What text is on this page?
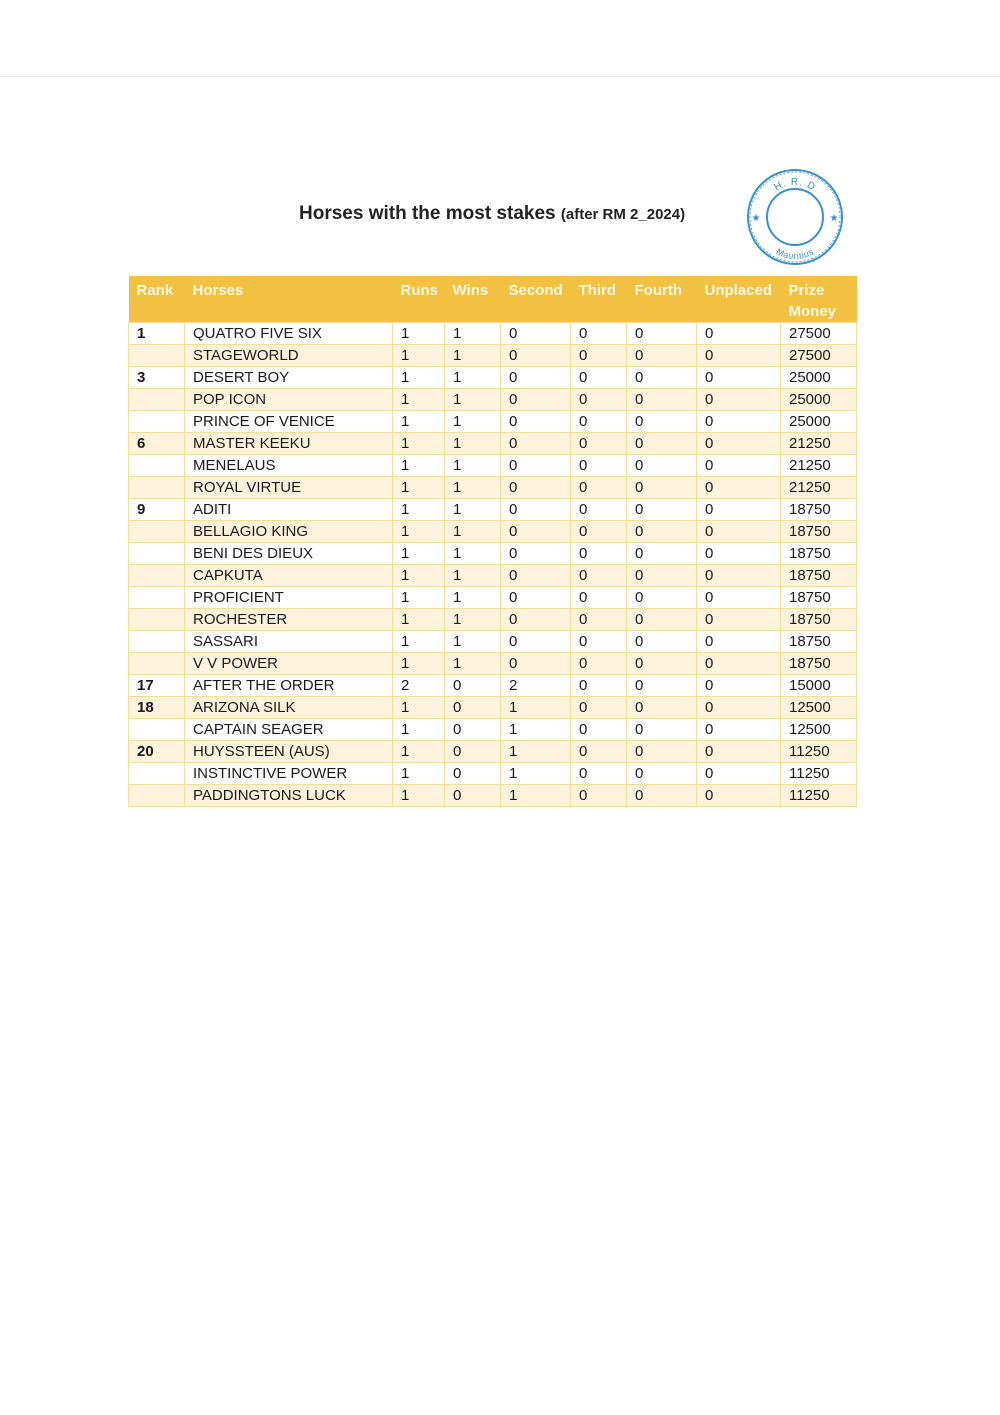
Horses with the most stakes (after RM 2_2024)
H. R. D
Mauritius
★	★
Rank	Horses	Runs	Wins	Second	Third	Fourth	Unplaced	Prize
Money
1	QUATRO FIVE SIX	1	1	0	0	0	0	27500
	STAGEWORLD	1	1	0	0	0	0	27500
3	DESERT BOY	1	1	0	0	0	0	25000
	POP ICON	1	1	0	0	0	0	25000
	PRINCE OF VENICE	1	1	0	0	0	0	25000
6	MASTER KEEKU	1	1	0	0	0	0	21250
	MENELAUS	1	1	0	0	0	0	21250
	ROYAL VIRTUE	1	1	0	0	0	0	21250
9	ADITI	1	1	0	0	0	0	18750
	BELLAGIO KING	1	1	0	0	0	0	18750
	BENI DES DIEUX	1	1	0	0	0	0	18750
	CAPKUTA	1	1	0	0	0	0	18750
	PROFICIENT	1	1	0	0	0	0	18750
	ROCHESTER	1	1	0	0	0	0	18750
	SASSARI	1	1	0	0	0	0	18750
	V V POWER	1	1	0	0	0	0	18750
17	AFTER THE ORDER	2	0	2	0	0	0	15000
18	ARIZONA SILK	1	0	1	0	0	0	12500
	CAPTAIN SEAGER	1	0	1	0	0	0	12500
20	HUYSSTEEN (AUS)	1	0	1	0	0	0	11250
	INSTINCTIVE POWER	1	0	1	0	0	0	11250
	PADDINGTONS LUCK	1	0	1	0	0	0	11250
